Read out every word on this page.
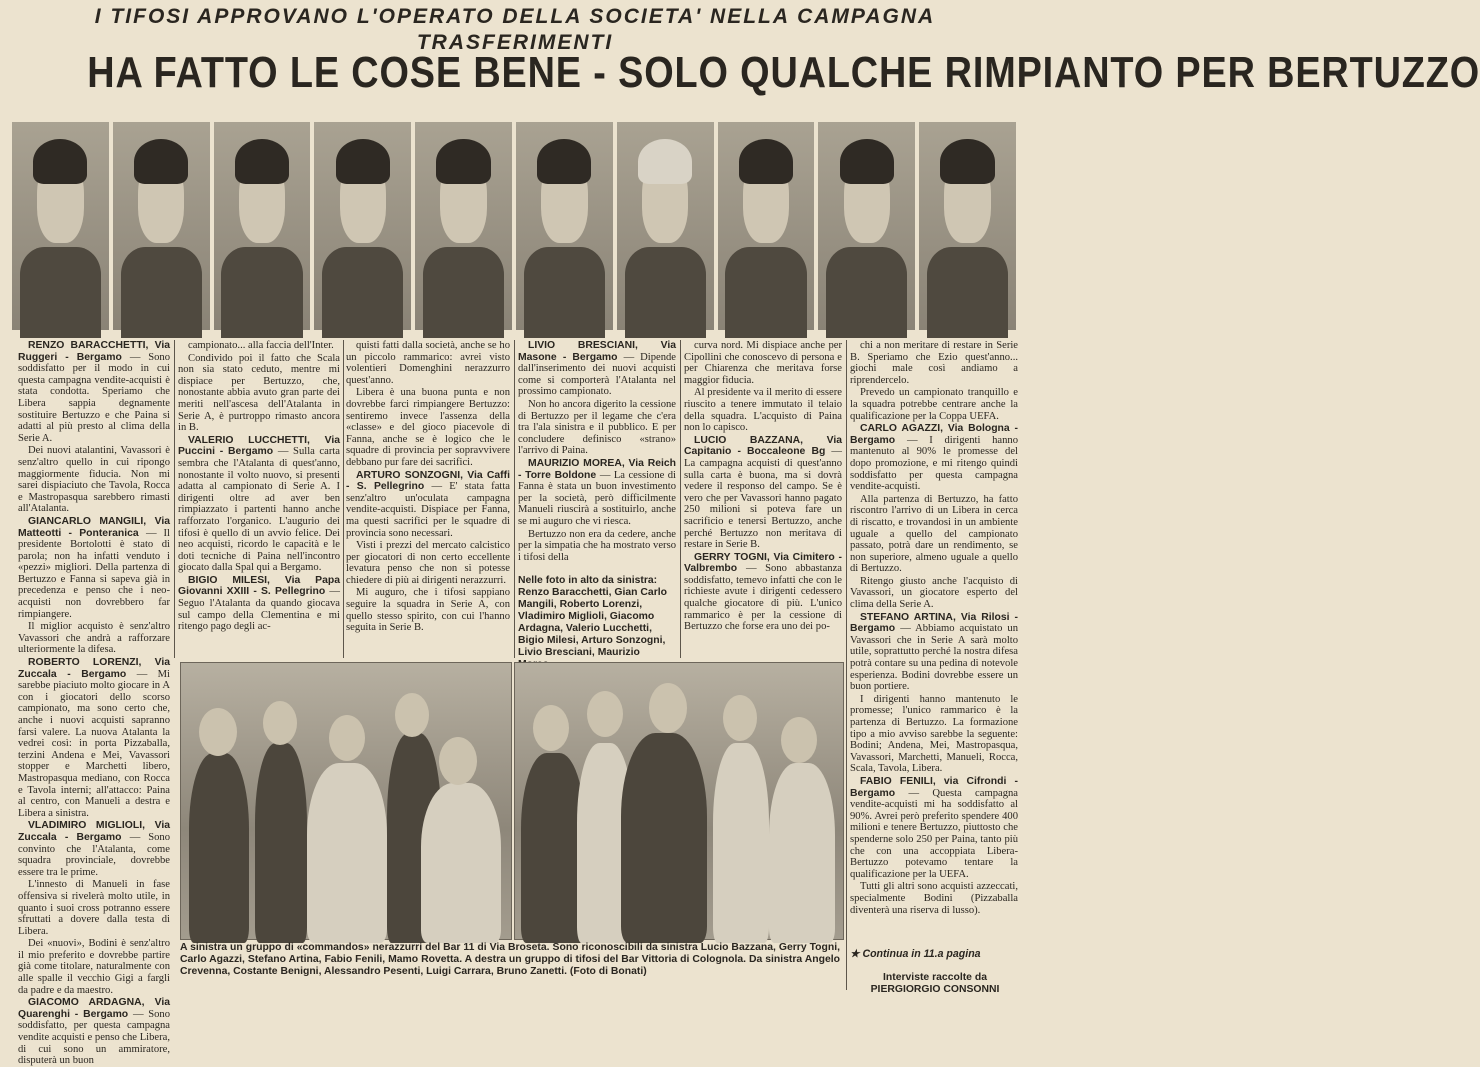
I TIFOSI APPROVANO L'OPERATO DELLA SOCIETA' NELLA CAMPAGNA TRASFERIMENTI
HA FATTO LE COSE BENE - SOLO QUALCHE RIMPIANTO PER BERTUZZO

RENZO BARACCHETTI, Via Ruggeri - Bergamo — Sono soddisfatto per il modo in cui questa campagna vendite-acquisti è stata condotta. Speriamo che Libera sappia degnamente sostituire Bertuzzo e che Paina si adatti al più presto al clima della Serie A.

Dei nuovi atalantini, Vavassori è senz'altro quello in cui ripongo maggiormente fiducia. Non mi sarei dispiaciuto che Tavola, Rocca e Mastropasqua sarebbero rimasti all'Atalanta.

GIANCARLO MANGILI, Via Matteotti - Ponteranica — Il presidente Bortolotti è stato di parola; non ha infatti venduto i «pezzi» migliori. Della partenza di Bertuzzo e Fanna si sapeva già in precedenza e penso che i neo-acquisti non dovrebbero far rimpiangere.

Il miglior acquisto è senz'altro Vavassori che andrà a rafforzare ulteriormente la difesa.

ROBERTO LORENZI, Via Zuccala - Bergamo — Mi sarebbe piaciuto molto giocare in A con i giocatori dello scorso campionato, ma sono certo che, anche i nuovi acquisti sapranno farsi valere. La nuova Atalanta la vedrei così: in porta Pizzaballa, terzini Andena e Mei, Vavassori stopper e Marchetti libero, Mastropasqua mediano, con Rocca e Tavola interni; all'attacco: Paina al centro, con Manueli a destra e Libera a sinistra.

VLADIMIRO MIGLIOLI, Via Zuccala - Bergamo — Sono convinto che l'Atalanta, come squadra provinciale, dovrebbe essere tra le prime.

L'innesto di Manueli in fase offensiva si rivelerà molto utile, in quanto i suoi cross potranno essere sfruttati a dovere dalla testa di Libera.

Dei «nuovi», Bodini è senz'altro il mio preferito e dovrebbe partire già come titolare, naturalmente con alle spalle il vecchio Gigi a fargli da padre e da maestro.

GIACOMO ARDAGNA, Via Quarenghi - Bergamo — Sono soddisfatto, per questa campagna vendite acquisti e penso che Libera, di cui sono un ammiratore, disputerà un buon

campionato... alla faccia dell'Inter.

Condivido poi il fatto che Scala non sia stato ceduto, mentre mi dispiace per Bertuzzo, che, nonostante abbia avuto gran parte dei meriti nell'ascesa dell'Atalanta in Serie A, è purtroppo rimasto ancora in B.

VALERIO LUCCHETTI, Via Puccini - Bergamo — Sulla carta sembra che l'Atalanta di quest'anno, nonostante il volto nuovo, si presenti adatta al campionato di Serie A. I dirigenti oltre ad aver ben rimpiazzato i partenti hanno anche rafforzato l'organico. L'augurio dei tifosi è quello di un avvio felice. Dei neo acquisti, ricordo le capacità e le doti tecniche di Paina nell'incontro giocato dalla Spal qui a Bergamo.

BIGIO MILESI, Via Papa Giovanni XXIII - S. Pellegrino — Seguo l'Atalanta da quando giocava sul campo della Clementina e mi ritengo pago degli ac-

quisti fatti dalla società, anche se ho un piccolo rammarico: avrei visto volentieri Domenghini nerazzurro quest'anno.

Libera è una buona punta e non dovrebbe farci rimpiangere Bertuzzo: sentiremo invece l'assenza della «classe» e del gioco piacevole di Fanna, anche se è logico che le squadre di provincia per sopravvivere debbano pur fare dei sacrifici.

ARTURO SONZOGNI, Via Caffi - S. Pellegrino — E' stata fatta senz'altro un'oculata campagna vendite-acquisti. Dispiace per Fanna, ma questi sacrifici per le squadre di provincia sono necessari.

Visti i prezzi del mercato calcistico per giocatori di non certo eccellente levatura penso che non si potesse chiedere di più ai dirigenti nerazzurri.

Mi auguro, che i tifosi sappiano seguire la squadra in Serie A, con quello stesso spirito, con cui l'hanno seguita in Serie B.

LIVIO BRESCIANI, Via Masone - Bergamo — Dipende dall'inserimento dei nuovi acquisti come si comporterà l'Atalanta nel prossimo campionato.

Non ho ancora digerito la cessione di Bertuzzo per il legame che c'era tra l'ala sinistra e il pubblico. E per concludere definisco «strano» l'arrivo di Paina.

MAURIZIO MOREA, Via Reich - Torre Boldone — La cessione di Fanna è stata un buon investimento per la società, però difficilmente Manueli riuscirà a sostituirlo, anche se mi auguro che vi riesca.

Bertuzzo non era da cedere, anche per la simpatia che ha mostrato verso i tifosi della

curva nord. Mi dispiace anche per Cipollini che conoscevo di persona e per Chiarenza che meritava forse maggior fiducia.

Al presidente va il merito di essere riuscito a tenere immutato il telaio della squadra. L'acquisto di Paina non lo capisco.

LUCIO BAZZANA, Via Capitanio - Boccaleone Bg — La campagna acquisti di quest'anno sulla carta è buona, ma si dovrà vedere il responso del campo. Se è vero che per Vavassori hanno pagato 250 milioni si poteva fare un sacrificio e tenersi Bertuzzo, anche perché Bertuzzo non meritava di restare in Serie B.

GERRY TOGNI, Via Cimitero - Valbrembo — Sono abbastanza soddisfatto, temevo infatti che con le richieste avute i dirigenti cedessero qualche giocatore di più. L'unico rammarico è per la cessione di Bertuzzo che forse era uno dei po-

chi a non meritare di restare in Serie B. Speriamo che Ezio quest'anno... giochi male così andiamo a riprendercelo.

Prevedo un campionato tranquillo e la squadra potrebbe centrare anche la qualificazione per la Coppa UEFA.

CARLO AGAZZI, Via Bologna - Bergamo — I dirigenti hanno mantenuto al 90% le promesse del dopo promozione, e mi ritengo quindi soddisfatto per questa campagna vendite-acquisti.

Alla partenza di Bertuzzo, ha fatto riscontro l'arrivo di un Libera in cerca di riscatto, e trovandosi in un ambiente uguale a quello del campionato passato, potrà dare un rendimento, se non superiore, almeno uguale a quello di Bertuzzo.

Ritengo giusto anche l'acquisto di Vavassori, un giocatore esperto del clima della Serie A.

STEFANO ARTINA, Via Rilosi - Bergamo — Abbiamo acquistato un Vavassori che in Serie A sarà molto utile, soprattutto perché la nostra difesa potrà contare su una pedina di notevole esperienza. Bodini dovrebbe essere un buon portiere.

I dirigenti hanno mantenuto le promesse; l'unico rammarico è la partenza di Bertuzzo. La formazione tipo a mio avviso sarebbe la seguente: Bodini; Andena, Mei, Mastropasqua, Vavassori, Marchetti, Manueli, Rocca, Scala, Tavola, Libera.

FABIO FENILI, via Cifrondi - Bergamo — Questa campagna vendite-acquisti mi ha soddisfatto al 90%. Avrei però preferito spendere 400 milioni e tenere Bertuzzo, piuttosto che spenderne solo 250 per Paina, tanto più che con una accoppiata Libera-Bertuzzo potevamo tentare la qualificazione per la UEFA.

Tutti gli altri sono acquisti azzeccati, specialmente Bodini (Pizzaballa diventerà una riserva di lusso).

Nelle foto in alto da sinistra: Renzo Baracchetti, Gian Carlo Mangili, Roberto Lorenzi, Vladimiro Miglioli, Giacomo Ardagna, Valerio Lucchetti, Bigio Milesi, Arturo Sonzogni, Livio Bresciani, Maurizio
A sinistra un gruppo di «commandos» nerazzurri del Bar 11 di Via Broseta. Sono riconoscibili da sinistra Lucio Bazzana, Gerry Togni, Carlo Agazzi, Stefano Artina, Fabio Fenili, Mamo Rovetta. A destra un gruppo di tifosi del Bar Vittoria di Colognola. Da sinistra Angelo Crevenna, Costante Benigni, Alessandro Pesenti, Luigi Carrara, Bruno Zanetti. (Foto di Bonati)
★ Continua in 11.a pagina
Interviste raccolte da
PIERGIORGIO CONSONNI
